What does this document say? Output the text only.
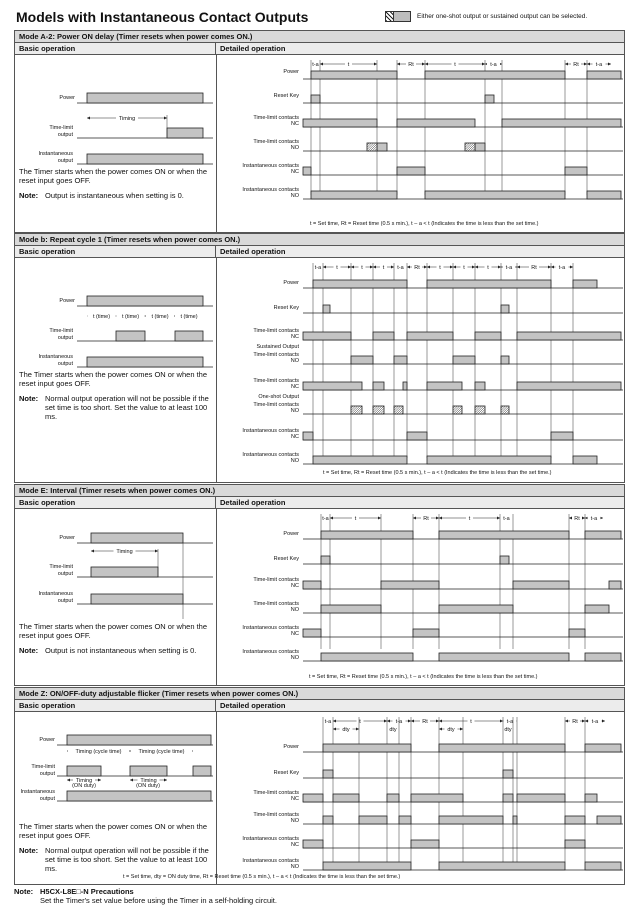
Models with Instantaneous Contact Outputs	Either one-shot output or sustained output can be selected.
Mode A-2: Power ON delay (Timer resets when power comes ON.)
Basic operation	Detailed operation
Power
Time-limit
output
Timing
Instantaneous
output
The Timer starts when the power comes ON or when the reset input goes OFF.
Note: Output is instantaneous when setting is 0.
t-a	t	Rt	t	t-a	Rt	t-a
Power
Reset Key
Time-limit contacts
NC
Time-limit contacts
NO
Instantaneous contacts
NC
Instantaneous contacts
NO
t = Set time, Rt = Reset time (0.5 s min.), t – a < t (Indicates the time is less than the set time.)
Mode b: Repeat cycle 1 (Timer resets when power comes ON.)
Basic operation	Detailed operation
Power
Time-limit
output
t (time) t (time) t (time) t (time)
Instantaneous
output
The Timer starts when the power comes ON or when the reset input goes OFF.
Note: Normal output operation will not be possible if the set time is too short. Set the value to at least 100 ms.
t-a	t	t	t t-a Rt	t	t	t	t-a	Rt	t-a
Power
Reset Key
Time-limit contacts
NC
Sustained Output
Time-limit contacts
NO
Time-limit contacts
NC
One-shot Output
Time-limit contacts
NO
Instantaneous contacts
NC
Instantaneous contacts
NO
t = Set time, Rt = Reset time (0.5 s min.), t – a < t (Indicates the time is less than the set time.)
Mode E: Interval (Timer resets when power comes ON.)
Basic operation	Detailed operation
Power
Timing
Time-limit
output
Instantaneous
output
The Timer starts when the power comes ON or when the reset input goes OFF.
Note: Output is not instantaneous when setting is 0.
t-a	t	Rt	t	t-a	Rt t-a
Power
Reset Key
Time-limit contacts
NC
Time-limit contacts
NO
Instantaneous contacts
NC
Instantaneous contacts
NO
t = Set time, Rt = Reset time (0.5 s min.), t – a < t (Indicates the time is less than the set time.)
Mode Z: ON/OFF-duty adjustable flicker (Timer resets when power comes ON.)
Basic operation	Detailed operation
Power
Timing (cycle time)	Timing (cycle time)
Time-limit
output
Timing	Timing
(ON duty)	(ON duty)
Instantaneous
output
The Timer starts when the power comes ON or when the reset input goes OFF.
Note: Normal output operation will not be possible if the set time is too short. Set the value to at least 100 ms.
t-a	t	t-a	Rt	t	t-a	Rt	t-a
dty	dty	dty	dty
Power
Reset Key
Time-limit contacts
NC
Time-limit contacts
NO
Instantaneous contacts
NC
Instantaneous contacts
NO
t = Set time, dty = ON duty time, Rt = Reset time (0.5 s min.), t – a < t (Indicates the time is less than the set time.)
Note: H5CX-L8E□-N Precautions
Set the Timer's set value before using the Timer in a self-holding circuit.
